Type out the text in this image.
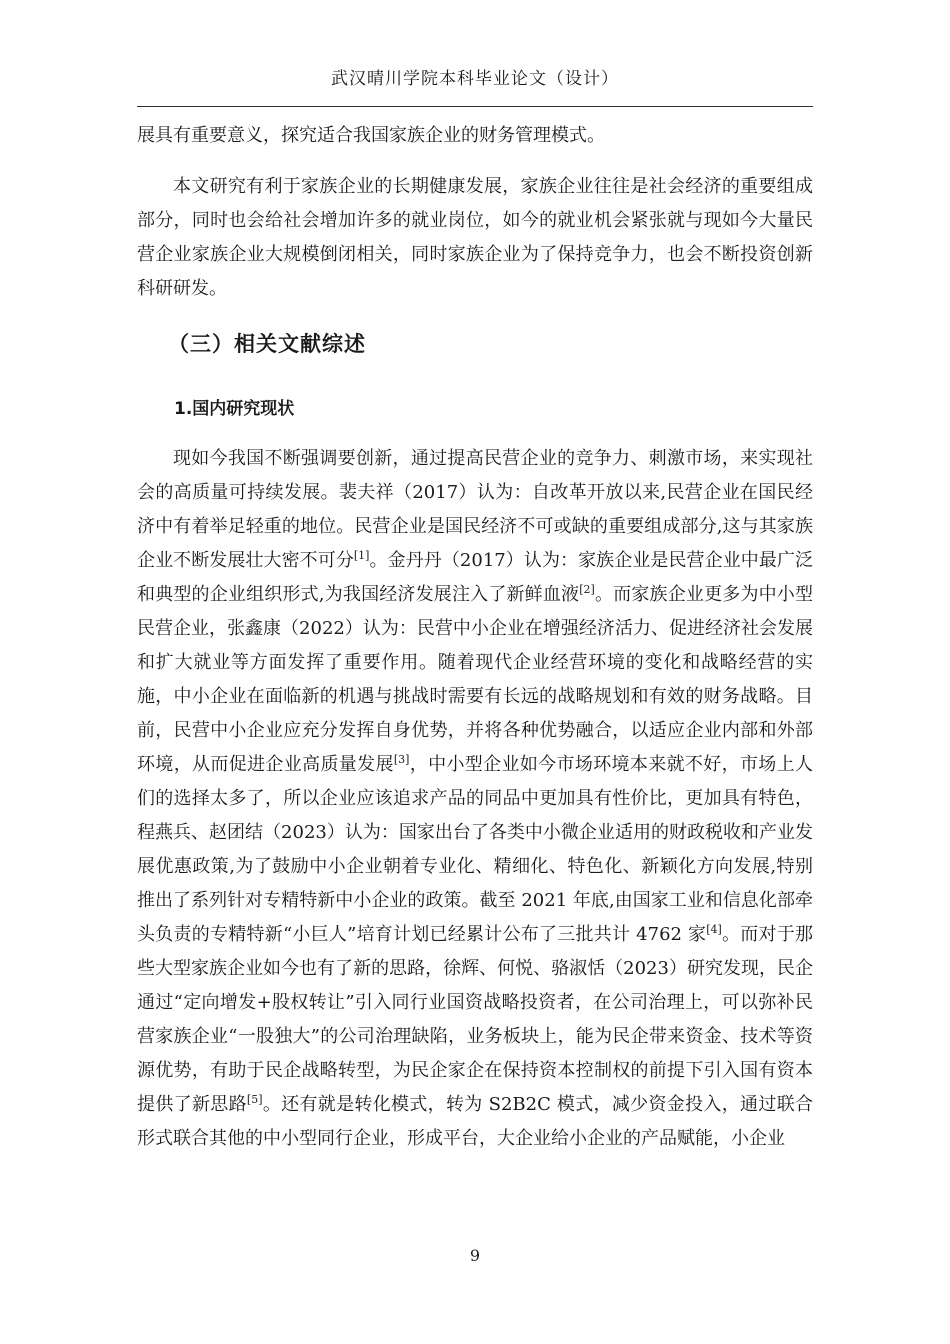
武汉晴川学院本科毕业论文（设计）

展具有重要意义，探究适合我国家族企业的财务管理模式。

本文研究有利于家族企业的长期健康发展，家族企业往往是社会经济的重要组成部分，同时也会给社会增加许多的就业岗位，如今的就业机会紧张就与现如今大量民营企业家族企业大规模倒闭相关，同时家族企业为了保持竞争力，也会不断投资创新科研研发。

（三）相关文献综述
1.国内研究现状

现如今我国不断强调要创新，通过提高民营企业的竞争力、刺激市场，来实现社会的高质量可持续发展。裴夫祥（2017）认为：自改革开放以来,民营企业在国民经济中有着举足轻重的地位。民营企业是国民经济不可或缺的重要组成部分,这与其家族企业不断发展壮大密不可分[1]。金丹丹（2017）认为：家族企业是民营企业中最广泛和典型的企业组织形式,为我国经济发展注入了新鲜血液[2]。而家族企业更多为中小型民营企业，张鑫康（2022）认为：民营中小企业在增强经济活力、促进经济社会发展和扩大就业等方面发挥了重要作用。随着现代企业经营环境的变化和战略经营的实施，中小企业在面临新的机遇与挑战时需要有长远的战略规划和有效的财务战略。目前，民营中小企业应充分发挥自身优势，并将各种优势融合，以适应企业内部和外部环境，从而促进企业高质量发展[3]，中小型企业如今市场环境本来就不好，市场上人们的选择太多了，所以企业应该追求产品的同品中更加具有性价比，更加具有特色，程燕兵、赵团结（2023）认为：国家出台了各类中小微企业适用的财政税收和产业发展优惠政策,为了鼓励中小企业朝着专业化、精细化、特色化、新颖化方向发展,特别推出了系列针对专精特新中小企业的政策。截至 2021 年底,由国家工业和信息化部牵头负责的专精特新“小巨人”培育计划已经累计公布了三批共计 4762 家[4]。而对于那些大型家族企业如今也有了新的思路，徐辉、何悦、骆淑恬（2023）研究发现，民企通过“定向增发+股权转让”引入同行业国资战略投资者，在公司治理上，可以弥补民营家族企业“一股独大”的公司治理缺陷，业务板块上，能为民企带来资金、技术等资源优势，有助于民企战略转型，为民企家企在保持资本控制权的前提下引入国有资本提供了新思路[5]。还有就是转化模式，转为 S2B2C 模式，减少资金投入，通过联合形式联合其他的中小型同行企业，形成平台，大企业给小企业的产品赋能，小企业

9
